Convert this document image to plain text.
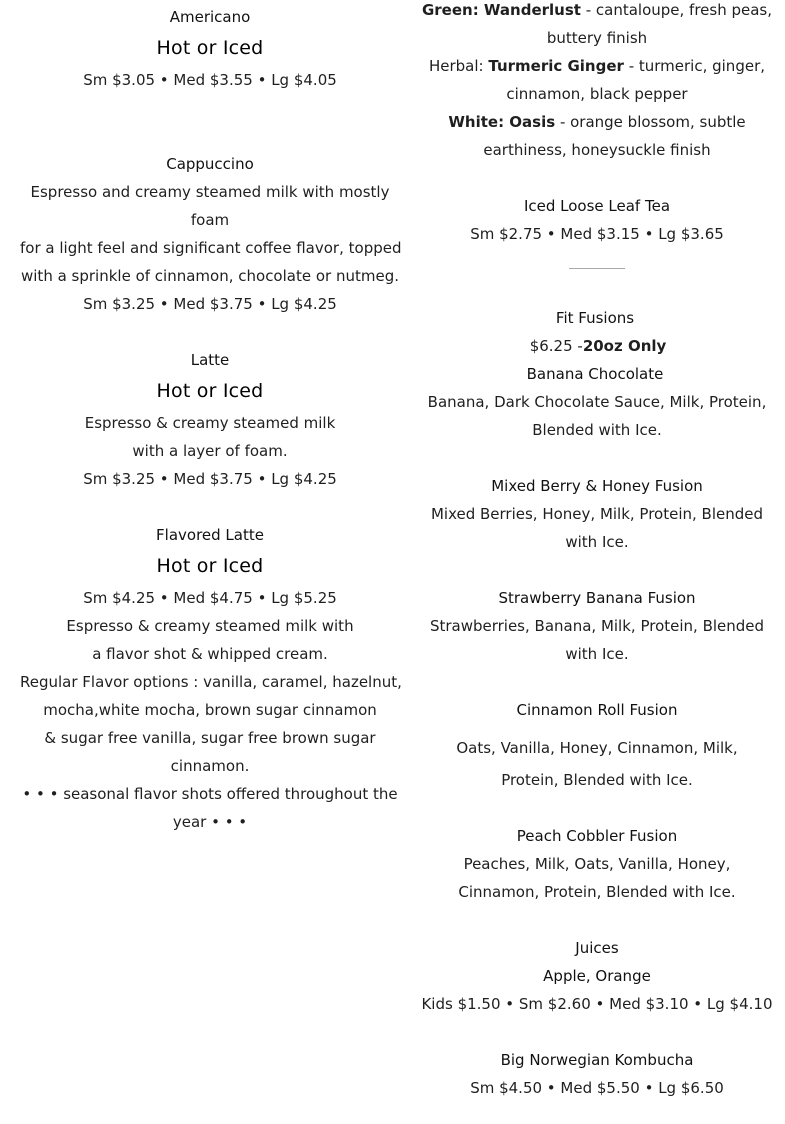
Americano
Hot or Iced
Sm $3.05 • Med $3.55 • Lg $4.05
Cappuccino
Espresso and creamy steamed milk with mostly
foam
for a light feel and significant coffee flavor, topped
with a sprinkle of cinnamon, chocolate or nutmeg.
Sm $3.25 • Med $3.75 • Lg $4.25
Latte
Hot or Iced
Espresso & creamy steamed milk
with a layer of foam.
Sm $3.25 • Med $3.75 • Lg $4.25
Flavored Latte
Hot or Iced
Sm $4.25 • Med $4.75 • Lg $5.25
Espresso & creamy steamed milk with
a flavor shot & whipped cream.
Regular Flavor options : vanilla, caramel, hazelnut,
mocha,white mocha, brown sugar cinnamon
& sugar free vanilla, sugar free brown sugar
cinnamon.
• • • seasonal flavor shots offered throughout the
year • • •
Green: Wanderlust - cantaloupe, fresh peas,
buttery finish
Herbal: Turmeric Ginger - turmeric, ginger,
cinnamon, black pepper
White: Oasis - orange blossom, subtle
earthiness, honeysuckle finish
Iced Loose Leaf Tea
Sm $2.75 • Med $3.15 • Lg $3.65
Fit Fusions
$6.25 -20oz Only
Banana Chocolate
Banana, Dark Chocolate Sauce, Milk, Protein,
Blended with Ice.
Mixed Berry & Honey Fusion
Mixed Berries, Honey, Milk, Protein, Blended
with Ice.
Strawberry Banana Fusion
Strawberries, Banana, Milk, Protein, Blended
with Ice.
Cinnamon Roll Fusion
Oats, Vanilla, Honey, Cinnamon, Milk,
Protein, Blended with Ice.
Peach Cobbler Fusion
Peaches, Milk, Oats, Vanilla, Honey,
Cinnamon, Protein, Blended with Ice.
Juices
Apple, Orange
Kids $1.50 • Sm $2.60 • Med $3.10 • Lg $4.10
Big Norwegian Kombucha
Sm $4.50 • Med $5.50 • Lg $6.50
